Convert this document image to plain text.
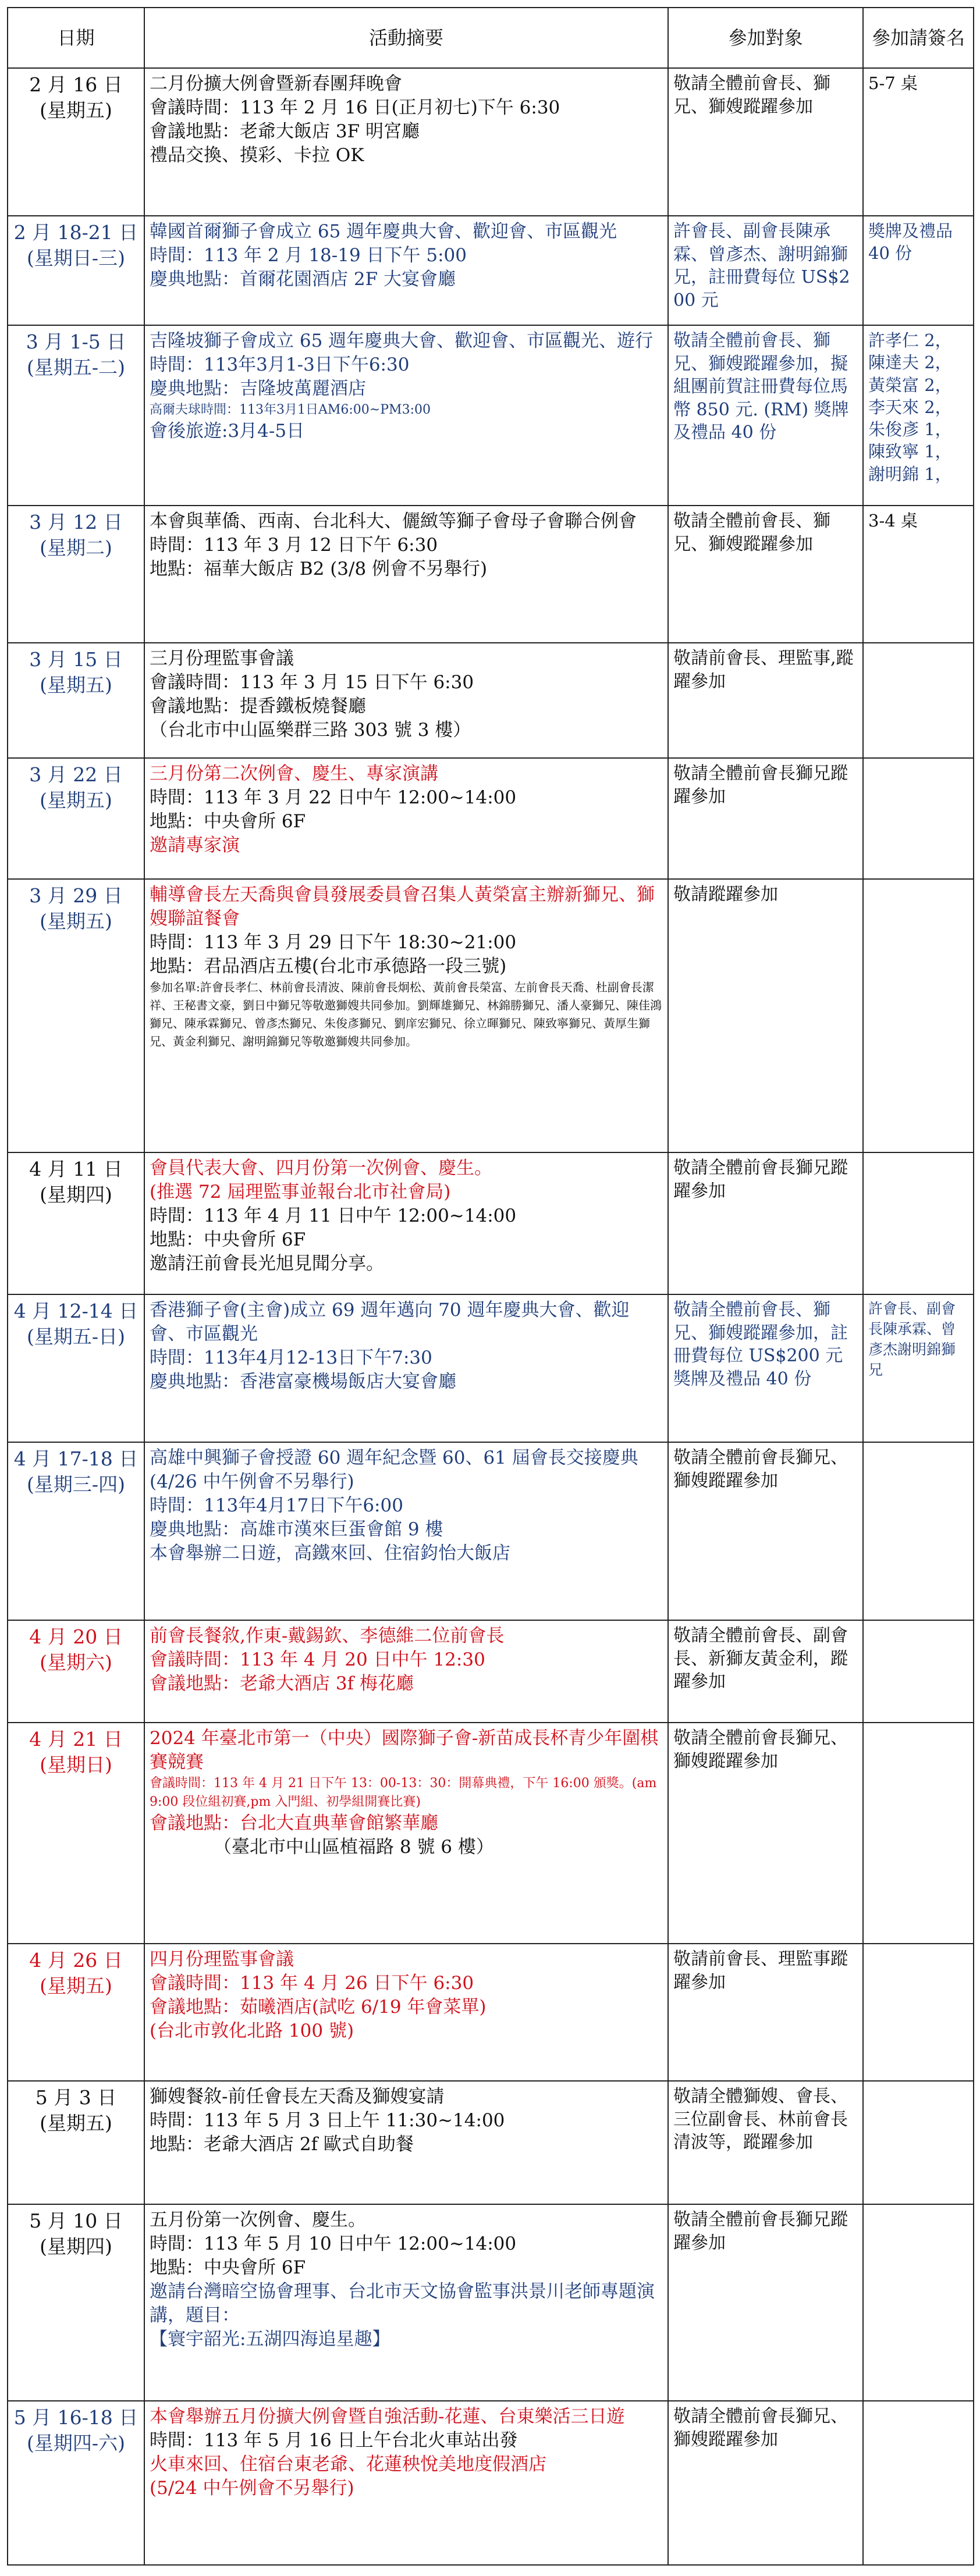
日期	活動摘要	參加對象	參加請簽名

2 月 16 日
(星期五)	二月份擴大例會暨新春團拜晚會
會議時間：113 年 2 月 16 日(正月初七)下午 6:30
會議地點：老爺大飯店 3F 明宮廳
禮品交換、摸彩、卡拉 OK	敬請全體前會長、獅兄、獅嫂蹤躍參加	5-7 桌

2 月 18-21 日
(星期日-三)	韓國首爾獅子會成立 65 週年慶典大會、歡迎會、市區觀光
時間：113 年 2 月 18-19 日下午 5:00
慶典地點：首爾花園酒店 2F 大宴會廳	許會長、副會長陳承霖、曾彥杰、謝明錦獅兄，註冊費每位 US$200 元	獎牌及禮品 40 份

3 月 1-5 日
(星期五-二)	吉隆坡獅子會成立 65 週年慶典大會、歡迎會、市區觀光、遊行
時間：113年3月1-3日下午6:30
慶典地點：吉隆坡萬麗酒店
高爾夫球時間：113年3月1日AM6:00~PM3:00
會後旅遊:3月4-5日	敬請全體前會長、獅兄、獅嫂蹤躍參加，擬組團前賀註冊費每位馬幣 850 元. (RM) 獎牌及禮品 40 份	許孝仁 2，陳達夫 2，黃榮富 2，李天來 2，朱俊彥 1，陳致寧 1，謝明錦 1，

3 月 12 日
(星期二)	本會與華僑、西南、台北科大、儷緻等獅子會母子會聯合例會
時間：113 年 3 月 12 日下午 6:30
地點：福華大飯店 B2 (3/8 例會不另舉行)	敬請全體前會長、獅兄、獅嫂蹤躍參加	3-4 桌

3 月 15 日
(星期五)	三月份理監事會議
會議時間：113 年 3 月 15 日下午 6:30
會議地點：提香鐵板燒餐廳
（台北市中山區樂群三路 303 號 3 樓）	敬請前會長、理監事,蹤躍參加	

3 月 22 日
(星期五)	三月份第二次例會、慶生、專家演講
時間：113 年 3 月 22 日中午 12:00~14:00
地點：中央會所 6F
邀請專家演	敬請全體前會長獅兄蹤躍參加	

3 月 29 日
(星期五)	輔導會長左天喬與會員發展委員會召集人黃榮富主辦新獅兄、獅嫂聯誼餐會
時間：113 年 3 月 29 日下午 18:30~21:00
地點：君品酒店五樓(台北市承德路一段三號)
參加名單:許會長孝仁、林前會長清波、陳前會長炯松、黃前會長榮富、左前會長天喬、杜副會長潔祥、王秘書文豪，劉日中獅兄等敬邀獅嫂共同參加。劉輝雄獅兄、林錦勝獅兄、潘人豪獅兄、陳佳鴻獅兄、陳承霖獅兄、曾彥杰獅兄、朱俊彥獅兄、劉庠宏獅兄、徐立暉獅兄、陳致寧獅兄、黃厚生獅兄、黃金利獅兄、謝明錦獅兄等敬邀獅嫂共同參加。	敬請蹤躍參加	

4 月 11 日
(星期四)	會員代表大會、四月份第一次例會、慶生。
(推選 72 屆理監事並報台北市社會局)
時間：113 年 4 月 11 日中午 12:00~14:00
地點：中央會所 6F
邀請汪前會長光旭見聞分享。	敬請全體前會長獅兄蹤躍參加	

4 月 12-14 日
(星期五-日)	香港獅子會(主會)成立 69 週年邁向 70 週年慶典大會、歡迎會、市區觀光
時間：113年4月12-13日下午7:30
慶典地點：香港富豪機場飯店大宴會廳	敬請全體前會長、獅兄、獅嫂蹤躍參加，註冊費每位 US$200 元 獎牌及禮品 40 份	許會長、副會長陳承霖、曾彥杰謝明錦獅兄

4 月 17-18 日
(星期三-四)	高雄中興獅子會授證 60 週年紀念暨 60、61 屆會長交接慶典 (4/26 中午例會不另舉行)
時間：113年4月17日下午6:00
慶典地點：高雄市漢來巨蛋會館 9 樓
本會舉辦二日遊，高鐵來回、住宿鈞怡大飯店	敬請全體前會長獅兄、獅嫂蹤躍參加	

4 月 20 日
(星期六)	前會長餐敘,作東-戴錫欽、李德維二位前會長
會議時間：113 年 4 月 20 日中午 12:30
會議地點：老爺大酒店 3f 梅花廳	敬請全體前會長、副會長、新獅友黃金利，蹤躍參加	

4 月 21 日
(星期日)	2024 年臺北市第一（中央）國際獅子會-新苗成長杯青少年圍棋賽競賽
會議時間：113 年 4 月 21 日下午 13：00-13：30：開幕典禮，下午 16:00 頒獎。(am9:00 段位組初賽,pm 入門組、初學組開賽比賽)
會議地點：台北大直典華會館繁華廳
（臺北市中山區植福路 8 號 6 樓）	敬請全體前會長獅兄、獅嫂蹤躍參加	

4 月 26 日
(星期五)	四月份理監事會議
會議時間：113 年 4 月 26 日下午 6:30
會議地點：茹曦酒店(試吃 6/19 年會菜單)
(台北市敦化北路 100 號)	敬請前會長、理監事蹤躍參加	

5 月 3 日
(星期五)	獅嫂餐敘-前任會長左天喬及獅嫂宴請
時間：113 年 5 月 3 日上午 11:30~14:00
地點：老爺大酒店 2f 歐式自助餐	敬請全體獅嫂、會長、三位副會長、林前會長清波等，蹤躍參加	

5 月 10 日
(星期四)	五月份第一次例會、慶生。
時間：113 年 5 月 10 日中午 12:00~14:00
地點：中央會所 6F
邀請台灣暗空協會理事、台北市天文協會監事洪景川老師專題演講，題目：
【寰宇韶光:五湖四海追星趣】	敬請全體前會長獅兄蹤躍參加	

5 月 16-18 日
(星期四-六)	本會舉辦五月份擴大例會暨自強活動-花蓮、台東樂活三日遊
時間：113 年 5 月 16 日上午台北火車站出發
火車來回、住宿台東老爺、花蓮秧悅美地度假酒店
(5/24 中午例會不另舉行)	敬請全體前會長獅兄、獅嫂蹤躍參加	
